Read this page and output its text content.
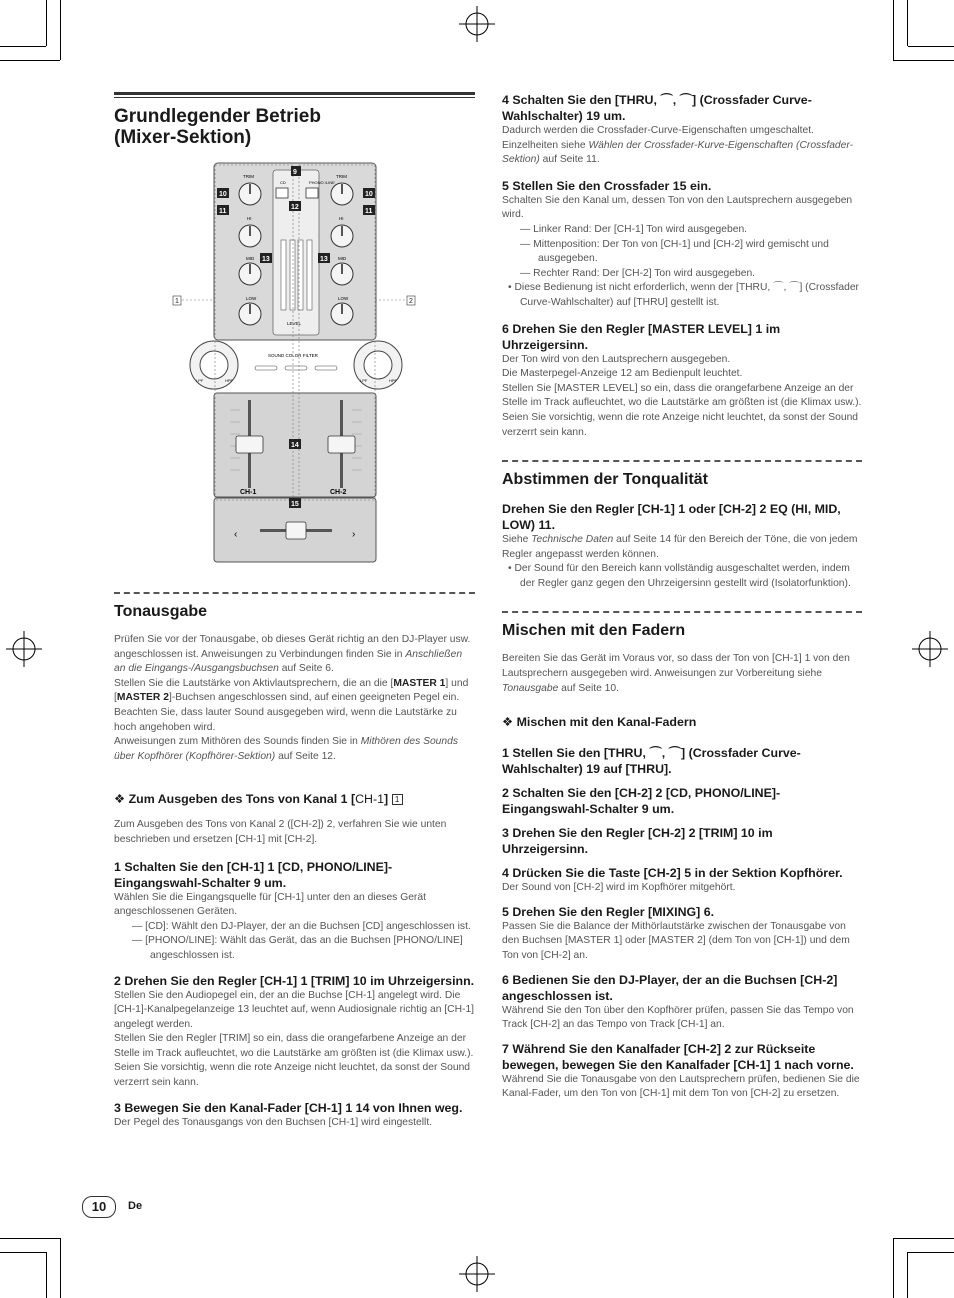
Grundlegender Betrieb
(Mixer-Sektion)
CD	PHONO /LINE
TRIM	TRIM
HI	HI
MID	MID
LOW	LOW
LEVEL
LPF	HPF	LPF	HPF
SOUND COLOR FILTER
CH-1	CH-2
‹	›
9
10	10
11	11
12
13	13
14
15
1	2
Tonausgabe

Prüfen Sie vor der Tonausgabe, ob dieses Gerät richtig an den DJ-Player usw. angeschlossen ist. Anweisungen zu Verbindungen finden Sie in Anschließen an die Eingangs-/Ausgangsbuchsen auf Seite 6.

Stellen Sie die Lautstärke von Aktivlautsprechern, die an die [MASTER 1] und [MASTER 2]-Buchsen angeschlossen sind, auf einen geeigneten Pegel ein. Beachten Sie, dass lauter Sound ausgegeben wird, wenn die Lautstärke zu hoch angehoben wird.

Anweisungen zum Mithören des Sounds finden Sie in Mithören des Sounds über Kopfhörer (Kopfhörer-Sektion) auf Seite 12.

❖ Zum Ausgeben des Tons von Kanal 1 [CH-1] 1

Zum Ausgeben des Tons von Kanal 2 ([CH-2]) 2, verfahren Sie wie unten beschrieben und ersetzen [CH-1] mit [CH-2].

1 Schalten Sie den [CH-1] 1 [CD, PHONO/LINE]-Eingangswahl-Schalter 9 um.

Wählen Sie die Eingangsquelle für [CH-1] unter den an dieses Gerät angeschlossenen Geräten.

— [CD]: Wählt den DJ-Player, der an die Buchsen [CD] angeschlossen ist.

— [PHONO/LINE]: Wählt das Gerät, das an die Buchsen [PHONO/LINE] angeschlossen ist.

2 Drehen Sie den Regler [CH-1] 1 [TRIM] 10 im Uhrzeigersinn.

Stellen Sie den Audiopegel ein, der an die Buchse [CH-1] angelegt wird. Die [CH-1]-Kanalpegelanzeige 13 leuchtet auf, wenn Audiosignale richtig an [CH-1] angelegt werden.

Stellen Sie den Regler [TRIM] so ein, dass die orangefarbene Anzeige an der Stelle im Track aufleuchtet, wo die Lautstärke am größten ist (die Klimax usw.).

Seien Sie vorsichtig, wenn die rote Anzeige nicht leuchtet, da sonst der Sound verzerrt sein kann.

3 Bewegen Sie den Kanal-Fader [CH-1] 1 14 von Ihnen weg.

Der Pegel des Tonausgangs von den Buchsen [CH-1] wird eingestellt.

4 Schalten Sie den [THRU, ⌒, ⌒] (Crossfader Curve-Wahlschalter) 19 um.

Dadurch werden die Crossfader-Curve-Eigenschaften umgeschaltet. Einzelheiten siehe Wählen der Crossfader-Kurve-Eigenschaften (Crossfader-Sektion) auf Seite 11.

5 Stellen Sie den Crossfader 15 ein.

Schalten Sie den Kanal um, dessen Ton von den Lautsprechern ausgegeben wird.

— Linker Rand: Der [CH-1] Ton wird ausgegeben.

— Mittenposition: Der Ton von [CH-1] und [CH-2] wird gemischt und ausgegeben.

— Rechter Rand: Der [CH-2] Ton wird ausgegeben.

• Diese Bedienung ist nicht erforderlich, wenn der [THRU, ⌒, ⌒] (Crossfader Curve-Wahlschalter) auf [THRU] gestellt ist.

6 Drehen Sie den Regler [MASTER LEVEL] 1 im Uhrzeigersinn.

Der Ton wird von den Lautsprechern ausgegeben.

Die Masterpegel-Anzeige 12 am Bedienpult leuchtet.

Stellen Sie [MASTER LEVEL] so ein, dass die orangefarbene Anzeige an der Stelle im Track aufleuchtet, wo die Lautstärke am größten ist (die Klimax usw.).

Seien Sie vorsichtig, wenn die rote Anzeige nicht leuchtet, da sonst der Sound verzerrt sein kann.

Abstimmen der Tonqualität

Drehen Sie den Regler [CH-1] 1 oder [CH-2] 2 EQ (HI, MID, LOW) 11.

Siehe Technische Daten auf Seite 14 für den Bereich der Töne, die von jedem Regler angepasst werden können.

• Der Sound für den Bereich kann vollständig ausgeschaltet werden, indem der Regler ganz gegen den Uhrzeigersinn gestellt wird (Isolatorfunktion).

Mischen mit den Fadern

Bereiten Sie das Gerät im Voraus vor, so dass der Ton von [CH-1] 1 von den Lautsprechern ausgegeben wird. Anweisungen zur Vorbereitung siehe Tonausgabe auf Seite 10.

❖ Mischen mit den Kanal-Fadern

1 Stellen Sie den [THRU, ⌒, ⌒] (Crossfader Curve-Wahlschalter) 19 auf [THRU].

2 Schalten Sie den [CH-2] 2 [CD, PHONO/LINE]-Eingangswahl-Schalter 9 um.

3 Drehen Sie den Regler [CH-2] 2 [TRIM] 10 im Uhrzeigersinn.

4 Drücken Sie die Taste [CH-2] 5 in der Sektion Kopfhörer.

Der Sound von [CH-2] wird im Kopfhörer mitgehört.

5 Drehen Sie den Regler [MIXING] 6.

Passen Sie die Balance der Mithörlautstärke zwischen der Tonausgabe von den Buchsen [MASTER 1] oder [MASTER 2] (dem Ton von [CH-1]) und dem Ton von [CH-2] an.

6 Bedienen Sie den DJ-Player, der an die Buchsen [CH-2] angeschlossen ist.

Während Sie den Ton über den Kopfhörer prüfen, passen Sie das Tempo von Track [CH-2] an das Tempo von Track [CH-1] an.

7 Während Sie den Kanalfader [CH-2] 2 zur Rückseite bewegen, bewegen Sie den Kanalfader [CH-1] 1 nach vorne.

Während Sie die Tonausgabe von den Lautsprechern prüfen, bedienen Sie die Kanal-Fader, um den Ton von [CH-1] mit dem Ton von [CH-2] zu ersetzen.

10	De
